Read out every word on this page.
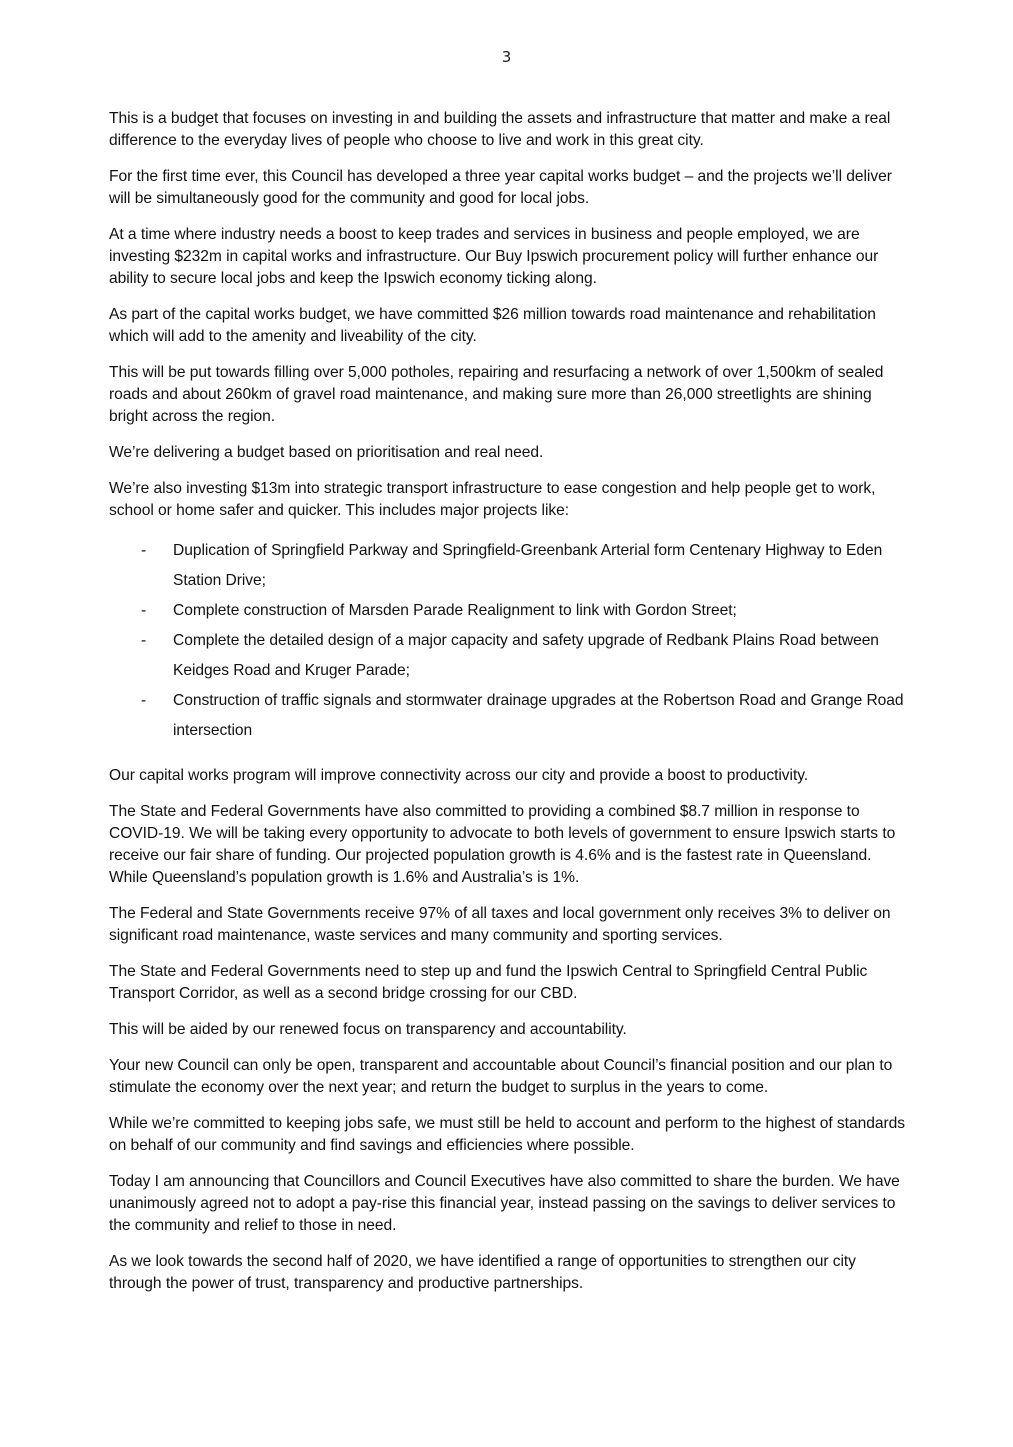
3

This is a budget that focuses on investing in and building the assets and infrastructure that matter and make a real difference to the everyday lives of people who choose to live and work in this great city.

For the first time ever, this Council has developed a three year capital works budget – and the projects we’ll deliver will be simultaneously good for the community and good for local jobs.

At a time where industry needs a boost to keep trades and services in business and people employed, we are investing $232m in capital works and infrastructure. Our Buy Ipswich procurement policy will further enhance our ability to secure local jobs and keep the Ipswich economy ticking along.

As part of the capital works budget, we have committed $26 million towards road maintenance and rehabilitation which will add to the amenity and liveability of the city.

This will be put towards filling over 5,000 potholes, repairing and resurfacing a network of over 1,500km of sealed roads and about 260km of gravel road maintenance, and making sure more than 26,000 streetlights are shining bright across the region.

We’re delivering a budget based on prioritisation and real need.

We’re also investing $13m into strategic transport infrastructure to ease congestion and help people get to work, school or home safer and quicker. This includes major projects like:

- Duplication of Springfield Parkway and Springfield-Greenbank Arterial form Centenary Highway to Eden Station Drive;
- Complete construction of Marsden Parade Realignment to link with Gordon Street;
- Complete the detailed design of a major capacity and safety upgrade of Redbank Plains Road between Keidges Road and Kruger Parade;
- Construction of traffic signals and stormwater drainage upgrades at the Robertson Road and Grange Road intersection

Our capital works program will improve connectivity across our city and provide a boost to productivity.

The State and Federal Governments have also committed to providing a combined $8.7 million in response to COVID-19. We will be taking every opportunity to advocate to both levels of government to ensure Ipswich starts to receive our fair share of funding. Our projected population growth is 4.6% and is the fastest rate in Queensland. While Queensland’s population growth is 1.6% and Australia’s is 1%.

The Federal and State Governments receive 97% of all taxes and local government only receives 3% to deliver on significant road maintenance, waste services and many community and sporting services.

The State and Federal Governments need to step up and fund the Ipswich Central to Springfield Central Public Transport Corridor, as well as a second bridge crossing for our CBD.

This will be aided by our renewed focus on transparency and accountability.

Your new Council can only be open, transparent and accountable about Council’s financial position and our plan to stimulate the economy over the next year; and return the budget to surplus in the years to come.

While we’re committed to keeping jobs safe, we must still be held to account and perform to the highest of standards on behalf of our community and find savings and efficiencies where possible.

Today I am announcing that Councillors and Council Executives have also committed to share the burden. We have unanimously agreed not to adopt a pay-rise this financial year, instead passing on the savings to deliver services to the community and relief to those in need.

As we look towards the second half of 2020, we have identified a range of opportunities to strengthen our city through the power of trust, transparency and productive partnerships.
